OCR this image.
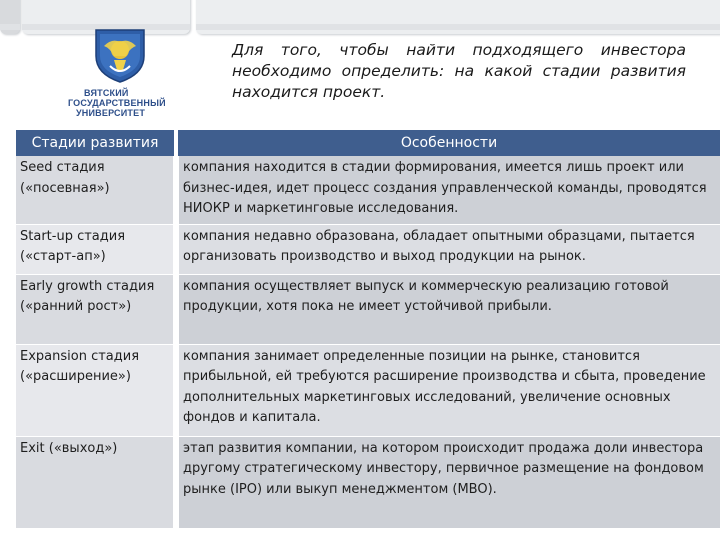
ВЯТСКИЙ
ГОСУДАРСТВЕННЫЙ
УНИВЕРСИТЕТ
Для того, чтобы найти подходящего инвестора необходимо определить: на какой стадии развития находится проект.
Стадии развития	Особенности
Seed стадия («посевная»)	компания находится в стадии формирования, имеется лишь проект или бизнес-идея, идет процесс создания управленческой команды, проводятся НИОКР и маркетинговые исследования.
Start-up стадия («старт-ап»)	компания недавно образована, обладает опытными образцами, пытается организовать производство и выход продукции на рынок.
Early growth стадия («ранний рост»)	компания осуществляет выпуск и коммерческую реализацию готовой продукции, хотя пока не имеет устойчивой прибыли.
Expansion стадия («расширение»)	компания занимает определенные позиции на рынке, становится прибыльной, ей требуются расширение производства и сбыта, проведение дополнительных маркетинговых исследований, увеличение основных фондов и капитала.
Exit («выход»)	этап развития компании, на котором происходит продажа доли инвестора другому стратегическому инвестору, первичное размещение на фондовом рынке (IPO) или выкуп менеджментом (MBO).
